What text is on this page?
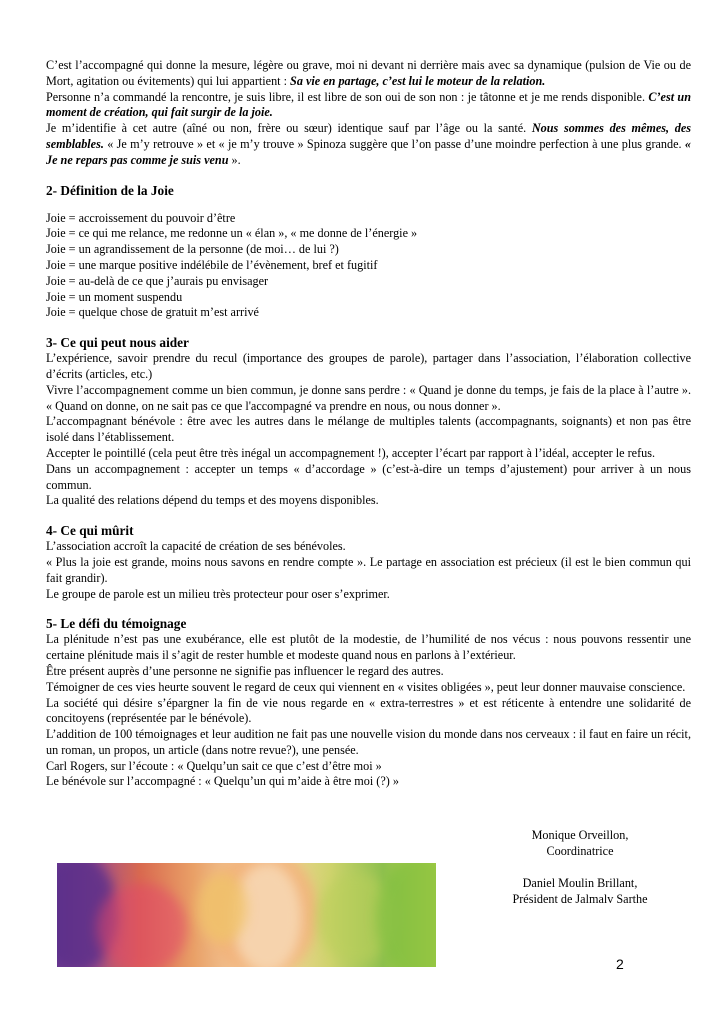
C’est l’accompagné qui donne la mesure, légère ou grave, moi ni devant ni derrière mais avec sa dynamique (pulsion de Vie ou de Mort, agitation ou évitements) qui lui appartient : Sa vie en partage, c’est lui le moteur de la relation.

Personne n’a commandé la rencontre, je suis libre, il est libre de son oui de son non : je tâtonne et je me rends disponible. C’est un moment de création, qui fait surgir de la joie.

Je m’identifie à cet autre (aîné ou non, frère ou sœur) identique sauf par l’âge ou la santé. Nous sommes des mêmes, des semblables. « Je m’y retrouve » et « je m’y trouve » Spinoza suggère que l’on passe d’une moindre perfection à une plus grande. « Je ne repars pas comme je suis venu ».

2- Définition de la Joie

Joie = accroissement du pouvoir d’être

Joie = ce qui me relance, me redonne un « élan », « me donne de l’énergie »

Joie = un agrandissement de la personne (de moi… de lui ?)

Joie = une marque positive indélébile de l’évènement, bref et fugitif

Joie = au-delà de ce que j’aurais pu envisager

Joie = un moment suspendu

Joie = quelque chose de gratuit m’est arrivé

3- Ce qui peut nous aider

L’expérience, savoir prendre du recul (importance des groupes de parole), partager dans l’association, l’élaboration collective d’écrits (articles, etc.)

Vivre l’accompagnement comme un bien commun, je donne sans perdre : « Quand je donne du temps, je fais de la place à l’autre ». « Quand on donne, on ne sait pas ce que l'accompagné va prendre en nous, ou nous donner ».

L’accompagnant bénévole : être avec les autres dans le mélange de multiples talents (accompagnants, soignants) et non pas être isolé dans l’établissement.

Accepter le pointillé (cela peut être très inégal un accompagnement !), accepter l’écart par rapport à l’idéal, accepter le refus.

Dans un accompagnement : accepter un temps « d’accordage » (c’est-à-dire un temps d’ajustement) pour arriver à un nous commun.

La qualité des relations dépend du temps et des moyens disponibles.

4- Ce qui mûrit

L’association accroît la capacité de création de ses bénévoles.

« Plus la joie est grande, moins nous savons en rendre compte ». Le partage en association est précieux (il est le bien commun qui fait grandir).

Le groupe de parole est un milieu très protecteur pour oser s’exprimer.

5- Le défi du témoignage

La plénitude n’est pas une exubérance, elle est plutôt de la modestie, de l’humilité de nos vécus : nous pouvons ressentir une certaine plénitude mais il s’agit de rester humble et modeste quand nous en parlons à l’extérieur.

Être présent auprès d’une personne ne signifie pas influencer le regard des autres.

Témoigner de ces vies heurte souvent le regard de ceux qui viennent en « visites obligées », peut leur donner mauvaise conscience.

La société qui désire s’épargner la fin de vie nous regarde en « extra-terrestres » et est réticente à entendre une solidarité de concitoyens (représentée par le bénévole).

L’addition de 100 témoignages et leur audition ne fait pas une nouvelle vision du monde dans nos cerveaux : il faut en faire un récit, un roman, un propos, un article (dans notre revue?), une pensée.

Carl Rogers, sur l’écoute : « Quelqu’un sait ce que c’est d’être moi »

Le bénévole sur l’accompagné : « Quelqu’un qui m’aide à être moi (?) »

Monique Orveillon,
Coordinatrice
Daniel Moulin Brillant,
Président de Jalmalv Sarthe
2
